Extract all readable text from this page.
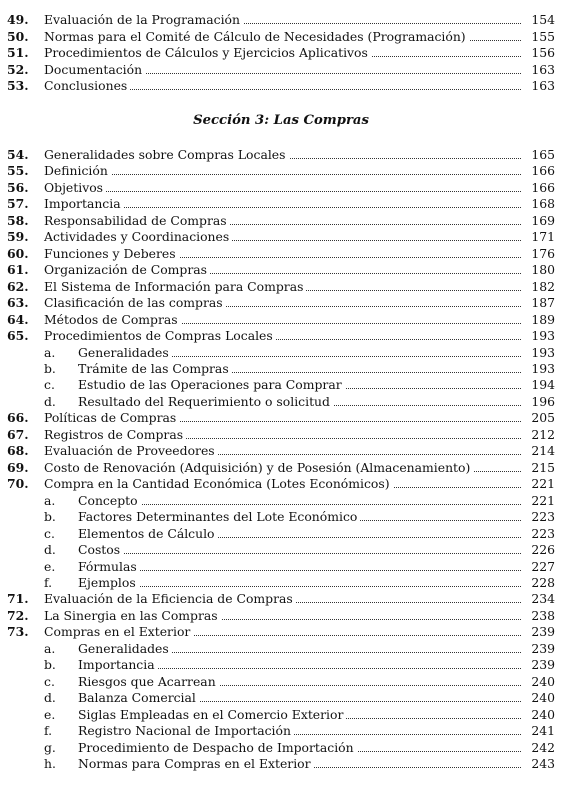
Sección 3: Las Compras
49. Evaluación de la Programación	154
50. Normas para el Comité de Cálculo de Necesidades (Programación)	155
51. Procedimientos de Cálculos y Ejercicios Aplicativos	156
52. Documentación	163
53. Conclusiones	163
54. Generalidades sobre Compras Locales	165
55. Definición	166
56. Objetivos	166
57. Importancia	168
58. Responsabilidad de Compras	169
59. Actividades y Coordinaciones	171
60. Funciones y Deberes	176
61. Organización de Compras	180
62. El Sistema de Información para Compras	182
63. Clasificación de las compras	187
64. Métodos de Compras	189
65. Procedimientos de Compras Locales	193
a. Generalidades	193
b. Trámite de las Compras	193
c. Estudio de las Operaciones para Comprar	194
d. Resultado del Requerimiento o solicitud	196
66. Políticas de Compras	205
67. Registros de Compras	212
68. Evaluación de Proveedores	214
69. Costo de Renovación (Adquisición) y de Posesión (Almacenamiento)	215
70. Compra en la Cantidad Económica (Lotes Económicos)	221
a. Concepto	221
b. Factores Determinantes del Lote Económico	223
c. Elementos de Cálculo	223
d. Costos	226
e. Fórmulas	227
f. Ejemplos	228
71. Evaluación de la Eficiencia de Compras	234
72. La Sinergia en las Compras	238
73. Compras en el Exterior	239
a. Generalidades	239
b. Importancia	239
c. Riesgos que Acarrean	240
d. Balanza Comercial	240
e. Siglas Empleadas en el Comercio Exterior	240
f. Registro Nacional de Importación	241
g. Procedimiento de Despacho de Importación	242
h. Normas para Compras en el Exterior	243
